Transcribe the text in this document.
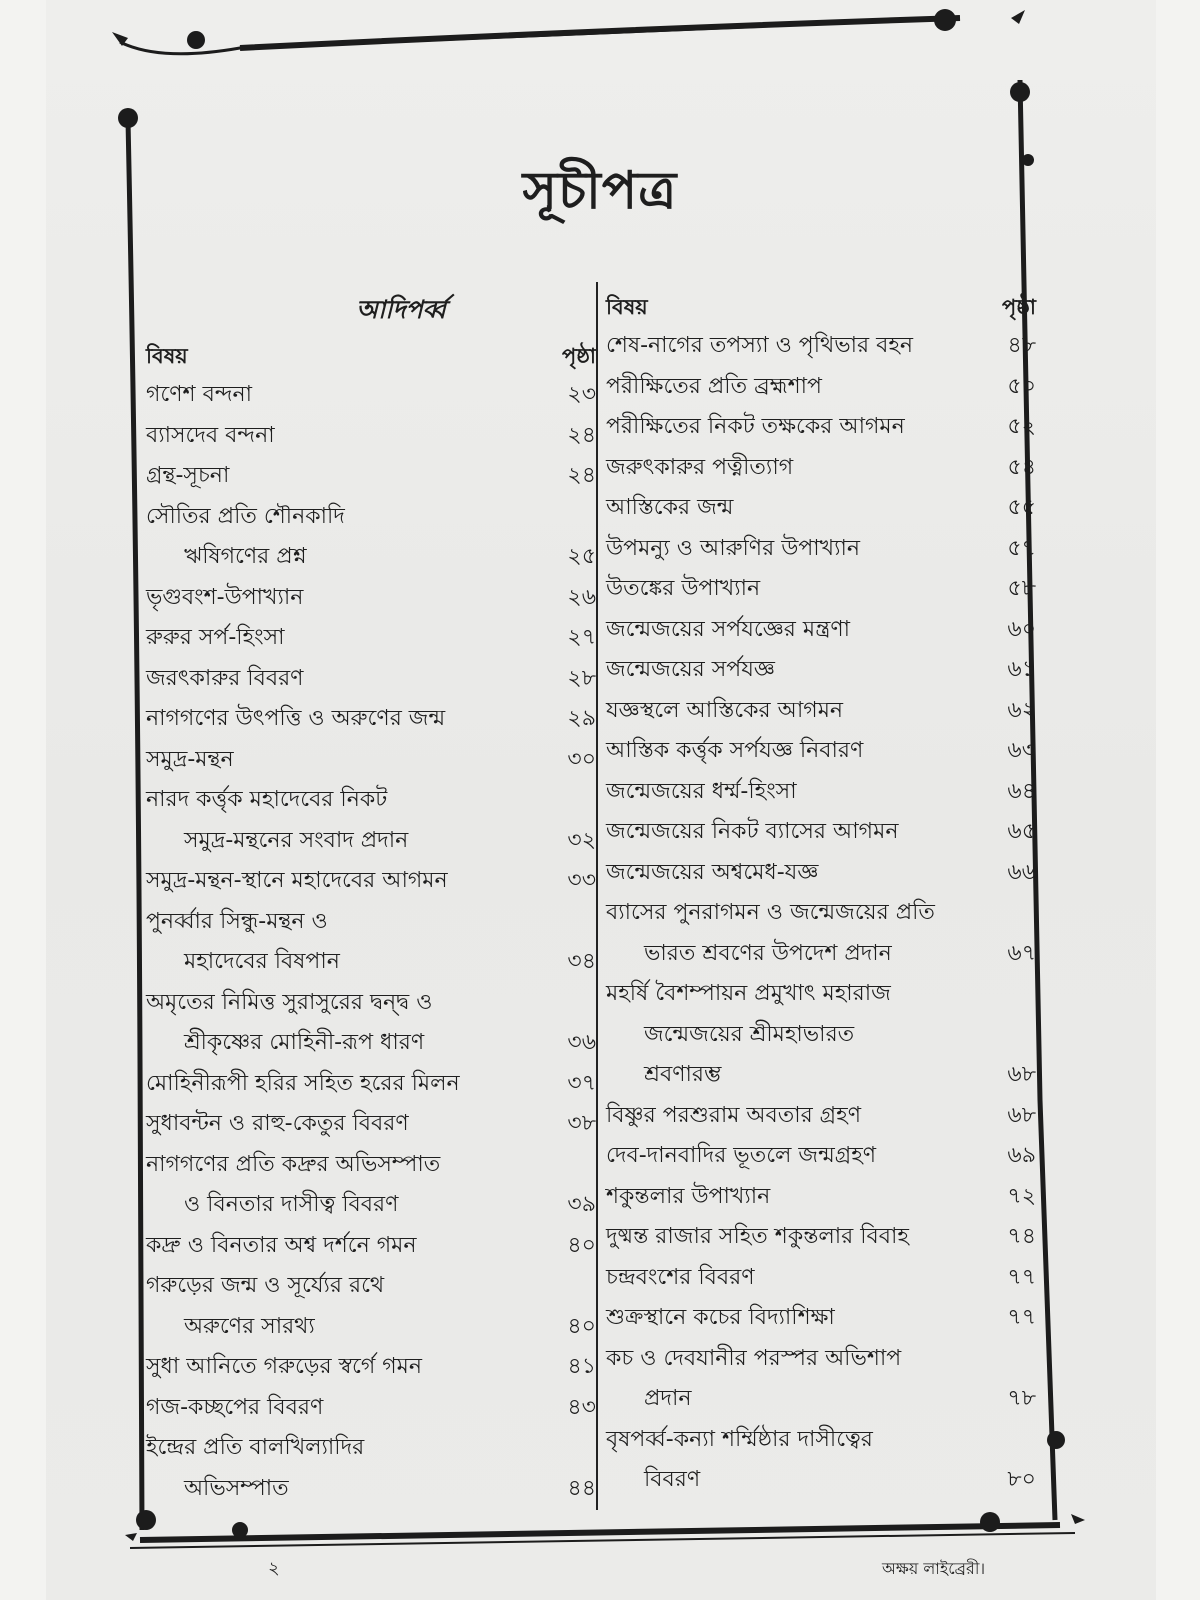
সূচীপত্র
আদিপর্ব্ব
বিষয়	পৃষ্ঠা
গণেশ বন্দনা	২৩
ব্যাসদেব বন্দনা	২৪
গ্রন্থ-সূচনা	২৪
সৌতির প্রতি শৌনকাদি
ঋষিগণের প্রশ্ন	২৫
ভৃগুবংশ-উপাখ্যান	২৬
রুরুর সর্প-হিংসা	২৭
জরৎকারুর বিবরণ	২৮
নাগগণের উৎপত্তি ও অরুণের জন্ম	২৯
সমুদ্র-মন্থন	৩০
নারদ কর্ত্তৃক মহাদেবের নিকট
সমুদ্র-মন্থনের সংবাদ প্রদান	৩২
সমুদ্র-মন্থন-স্থানে মহাদেবের আগমন	৩৩
পুনর্ব্বার সিন্ধু-মন্থন ও
মহাদেবের বিষপান	৩৪
অমৃতের নিমিত্ত সুরাসুরের দ্বন্দ্ব ও
শ্রীকৃষ্ণের মোহিনী-রূপ ধারণ	৩৬
মোহিনীরূপী হরির সহিত হরের মিলন	৩৭
সুধাবন্টন ও রাহু-কেতুর বিবরণ	৩৮
নাগগণের প্রতি কদ্রুর অভিসম্পাত
ও বিনতার দাসীত্ব বিবরণ	৩৯
কদ্রু ও বিনতার অশ্ব দর্শনে গমন	৪০
গরুড়ের জন্ম ও সূর্য্যের রথে
অরুণের সারথ্য	৪০
সুধা আনিতে গরুড়ের স্বর্গে গমন	৪১
গজ-কচ্ছপের বিবরণ	৪৩
ইন্দ্রের প্রতি বালখিল্যাদির
অভিসম্পাত	৪৪
বিষয়	পৃষ্ঠা
শেষ-নাগের তপস্যা ও পৃথিভার বহন	৪৮
পরীক্ষিতের প্রতি ব্রহ্মশাপ	৫০
পরীক্ষিতের নিকট তক্ষকের আগমন	৫২
জরুৎকারুর পত্নীত্যাগ	৫৪
আস্তিকের জন্ম	৫৫
উপমন্যু ও আরুণির উপাখ্যান	৫৭
উতঙ্কের উপাখ্যান	৫৮
জন্মেজয়ের সর্পযজ্ঞের মন্ত্রণা	৬০
জন্মেজয়ের সর্পযজ্ঞ	৬১
যজ্ঞস্থলে আস্তিকের আগমন	৬২
আস্তিক কর্ত্তৃক সর্পযজ্ঞ নিবারণ	৬৩
জন্মেজয়ের ধর্ম্ম-হিংসা	৬৪
জন্মেজয়ের নিকট ব্যাসের আগমন	৬৫
জন্মেজয়ের অশ্বমেধ-যজ্ঞ	৬৬
ব্যাসের পুনরাগমন ও জন্মেজয়ের প্রতি
ভারত শ্রবণের উপদেশ প্রদান	৬৭
মহর্ষি বৈশম্পায়ন প্রমুখাৎ মহারাজ
জন্মেজয়ের শ্রীমহাভারত
শ্রবণারম্ভ	৬৮
বিষ্ণুর পরশুরাম অবতার গ্রহণ	৬৮
দেব-দানবাদির ভূতলে জন্মগ্রহণ	৬৯
শকুন্তলার উপাখ্যান	৭২
দুষ্মন্ত রাজার সহিত শকুন্তলার বিবাহ	৭৪
চন্দ্রবংশের বিবরণ	৭৭
শুক্রস্থানে কচের বিদ্যাশিক্ষা	৭৭
কচ ও দেবযানীর পরস্পর অভিশাপ
প্রদান	৭৮
বৃষপর্ব্ব-কন্যা শর্ম্মিষ্ঠার দাসীত্বের
বিবরণ	৮০
২	অক্ষয় লাইব্রেরী।
